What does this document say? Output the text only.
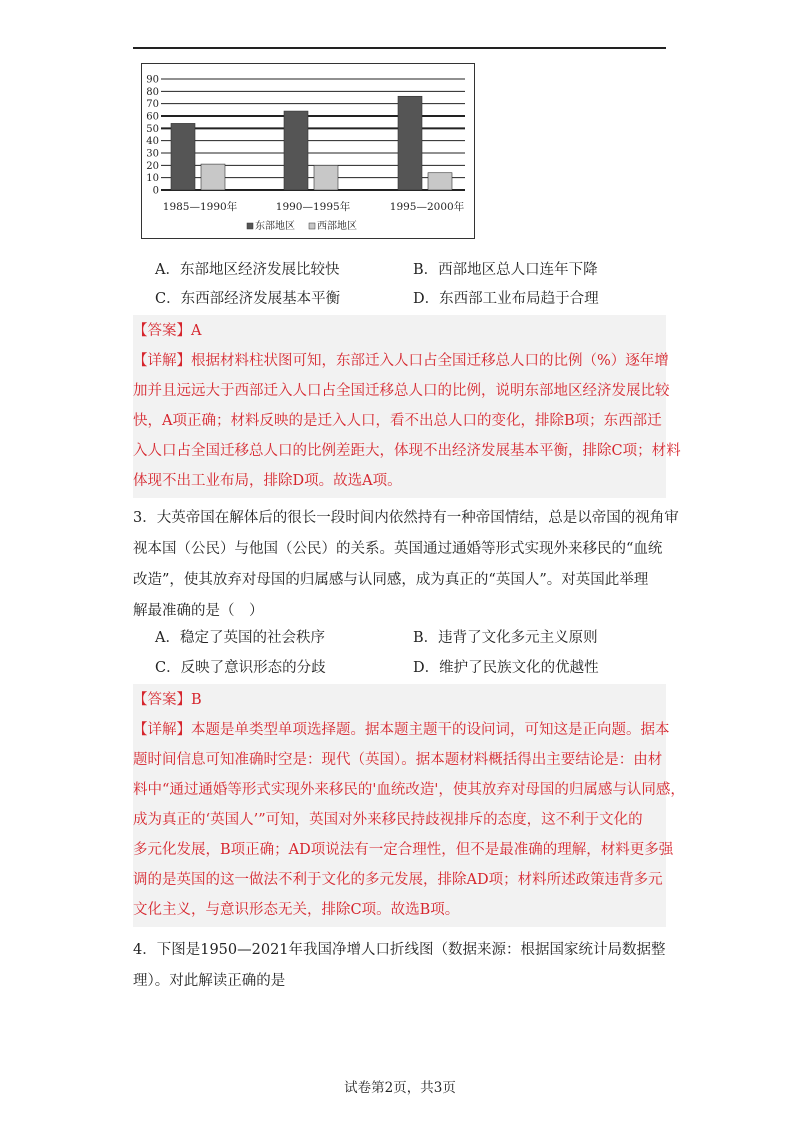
0
10
20
30
40
50
60
70
80
90
1985—1990年	1990—1995年	1995—2000年
东部地区 西部地区
A．东部地区经济发展比较快	B．西部地区总人口连年下降
C．东西部经济发展基本平衡	D．东西部工业布局趋于合理
【答案】A
【详解】根据材料柱状图可知，东部迁入人口占全国迁移总人口的比例（%）逐年增
加并且远远大于西部迁入人口占全国迁移总人口的比例，说明东部地区经济发展比较
快，A项正确；材料反映的是迁入人口，看不出总人口的变化，排除B项；东西部迁
入人口占全国迁移总人口的比例差距大，体现不出经济发展基本平衡，排除C项；材料
体现不出工业布局，排除D项。故选A项。
3．大英帝国在解体后的很长一段时间内依然持有一种帝国情结，总是以帝国的视角审
视本国（公民）与他国（公民）的关系。英国通过通婚等形式实现外来移民的“血统
改造”，使其放弃对母国的归属感与认同感，成为真正的“英国人”。对英国此举理
解最准确的是（　）
A．稳定了英国的社会秩序	B．违背了文化多元主义原则
C．反映了意识形态的分歧	D．维护了民族文化的优越性
【答案】B
【详解】本题是单类型单项选择题。据本题主题干的设问词，可知这是正向题。据本
题时间信息可知准确时空是：现代（英国）。据本题材料概括得出主要结论是：由材
料中“通过通婚等形式实现外来移民的'血统改造'，使其放弃对母国的归属感与认同感，
成为真正的‘英国人’”可知，英国对外来移民持歧视排斥的态度，这不利于文化的
多元化发展，B项正确；AD项说法有一定合理性，但不是最准确的理解，材料更多强
调的是英国的这一做法不利于文化的多元发展，排除AD项；材料所述政策违背多元
文化主义，与意识形态无关，排除C项。故选B项。
4．下图是1950—2021年我国净增人口折线图（数据来源：根据国家统计局数据整
理）。对此解读正确的是
试卷第2页，共3页
